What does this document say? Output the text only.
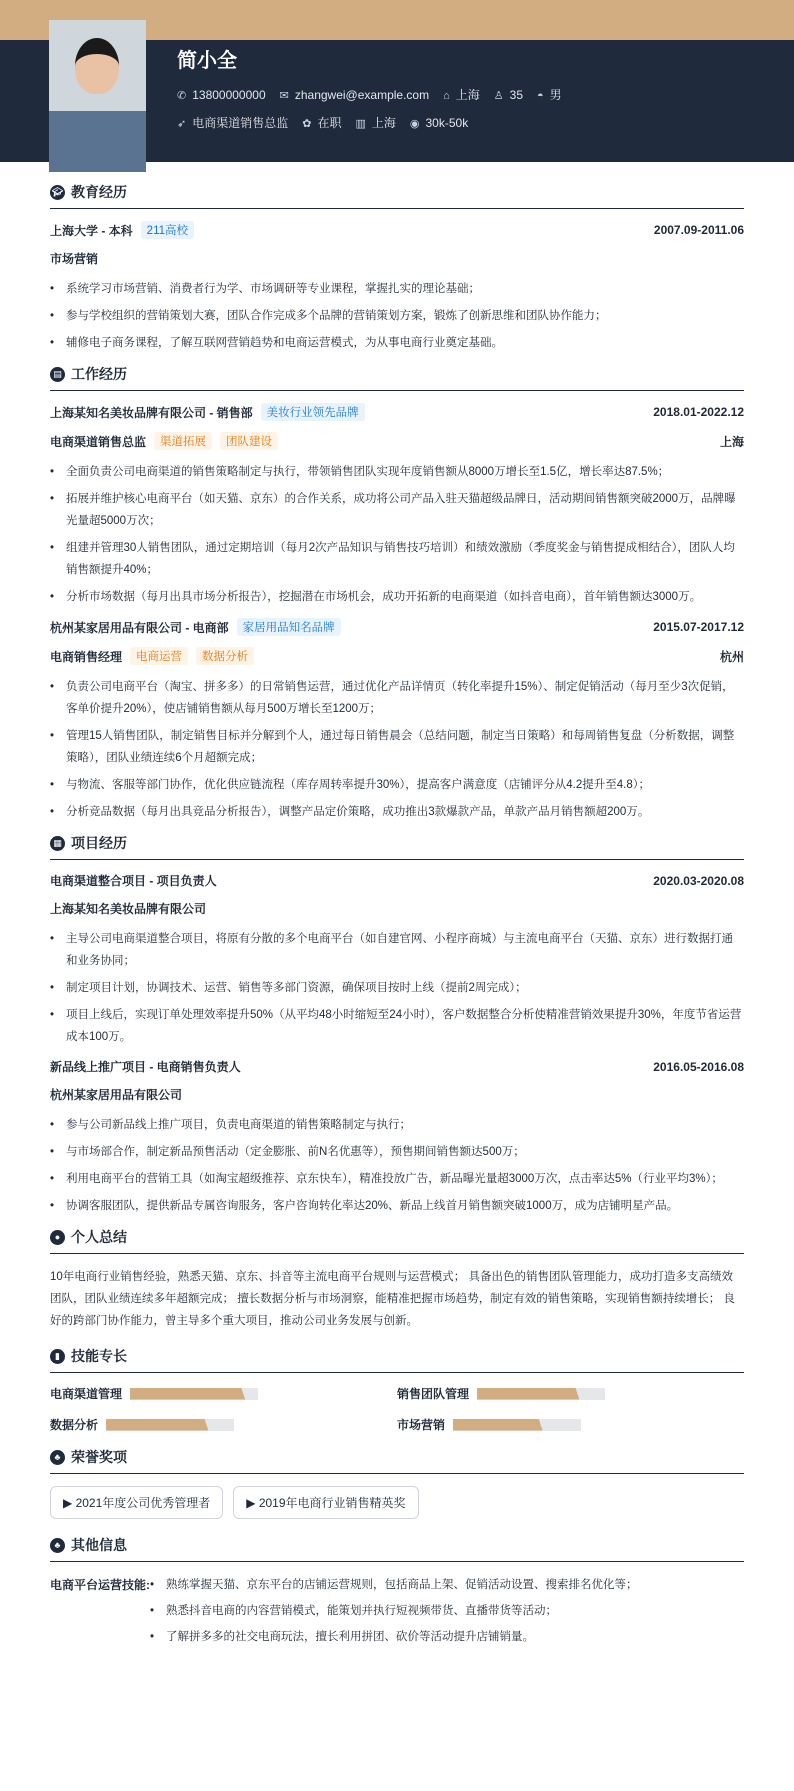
简小全
✆ 13800000000 ✉ zhangwei@example.com ⌂ 上海 ♙ 35 ◓ 男
➶ 电商渠道销售总监 ✿ 在职 ▥ 上海 ◉ 30k-50k
🎓︎ 教育经历
上海大学 - 本科	211高校	2007.09-2011.06
市场营销
• 系统学习市场营销、消费者行为学、市场调研等专业课程，掌握扎实的理论基础；
• 参与学校组织的营销策划大赛，团队合作完成多个品牌的营销策划方案，锻炼了创新思维和团队协作能力；
• 辅修电子商务课程，了解互联网营销趋势和电商运营模式，为从事电商行业奠定基础。
▤ 工作经历
上海某知名美妆品牌有限公司 - 销售部	美妆行业领先品牌	2018.01-2022.12
电商渠道销售总监	渠道拓展	团队建设	上海
• 全面负责公司电商渠道的销售策略制定与执行，带领销售团队实现年度销售额从8000万增长至1.5亿，增长率达87.5%；
• 拓展并维护核心电商平台（如天猫、京东）的合作关系，成功将公司产品入驻天猫超级品牌日，活动期间销售额突破2000万，品牌曝光量超5000万次；
• 组建并管理30人销售团队，通过定期培训（每月2次产品知识与销售技巧培训）和绩效激励（季度奖金与销售提成相结合），团队人均销售额提升40%；
• 分析市场数据（每月出具市场分析报告），挖掘潜在市场机会，成功开拓新的电商渠道（如抖音电商），首年销售额达3000万。
杭州某家居用品有限公司 - 电商部	家居用品知名品牌	2015.07-2017.12
电商销售经理	电商运营	数据分析	杭州
• 负责公司电商平台（淘宝、拼多多）的日常销售运营，通过优化产品详情页（转化率提升15%）、制定促销活动（每月至少3次促销，客单价提升20%），使店铺销售额从每月500万增长至1200万；
• 管理15人销售团队，制定销售目标并分解到个人，通过每日销售晨会（总结问题，制定当日策略）和每周销售复盘（分析数据，调整策略），团队业绩连续6个月超额完成；
• 与物流、客服等部门协作，优化供应链流程（库存周转率提升30%），提高客户满意度（店铺评分从4.2提升至4.8）；
• 分析竞品数据（每月出具竞品分析报告），调整产品定价策略，成功推出3款爆款产品，单款产品月销售额超200万。
▦ 项目经历
电商渠道整合项目 - 项目负责人	2020.03-2020.08
上海某知名美妆品牌有限公司
• 主导公司电商渠道整合项目，将原有分散的多个电商平台（如自建官网、小程序商城）与主流电商平台（天猫、京东）进行数据打通和业务协同；
• 制定项目计划，协调技术、运营、销售等多部门资源，确保项目按时上线（提前2周完成）；
• 项目上线后，实现订单处理效率提升50%（从平均48小时缩短至24小时），客户数据整合分析使精准营销效果提升30%，年度节省运营成本100万。
新品线上推广项目 - 电商销售负责人	2016.05-2016.08
杭州某家居用品有限公司
• 参与公司新品线上推广项目，负责电商渠道的销售策略制定与执行；
• 与市场部合作，制定新品预售活动（定金膨胀、前N名优惠等），预售期间销售额达500万；
• 利用电商平台的营销工具（如淘宝超级推荐、京东快车），精准投放广告，新品曝光量超3000万次，点击率达5%（行业平均3%）；
• 协调客服团队，提供新品专属咨询服务，客户咨询转化率达20%、新品上线首月销售额突破1000万，成为店铺明星产品。
● 个人总结
10年电商行业销售经验，熟悉天猫、京东、抖音等主流电商平台规则与运营模式； 具备出色的销售团队管理能力，成功打造多支高绩效团队，团队业绩连续多年超额完成； 擅长数据分析与市场洞察，能精准把握市场趋势，制定有效的销售策略，实现销售额持续增长； 良好的跨部门协作能力，曾主导多个重大项目，推动公司业务发展与创新。
▮ 技能专长
电商渠道管理	销售团队管理
数据分析	市场营销
♣ 荣誉奖项
▶ 2021年度公司优秀管理者	▶ 2019年电商行业销售精英奖
♣ 其他信息
电商平台运营技能:	• 熟练掌握天猫、京东平台的店铺运营规则，包括商品上架、促销活动设置、搜索排名优化等；
• 熟悉抖音电商的内容营销模式，能策划并执行短视频带货、直播带货等活动；
• 了解拼多多的社交电商玩法，擅长利用拼团、砍价等活动提升店铺销量。
